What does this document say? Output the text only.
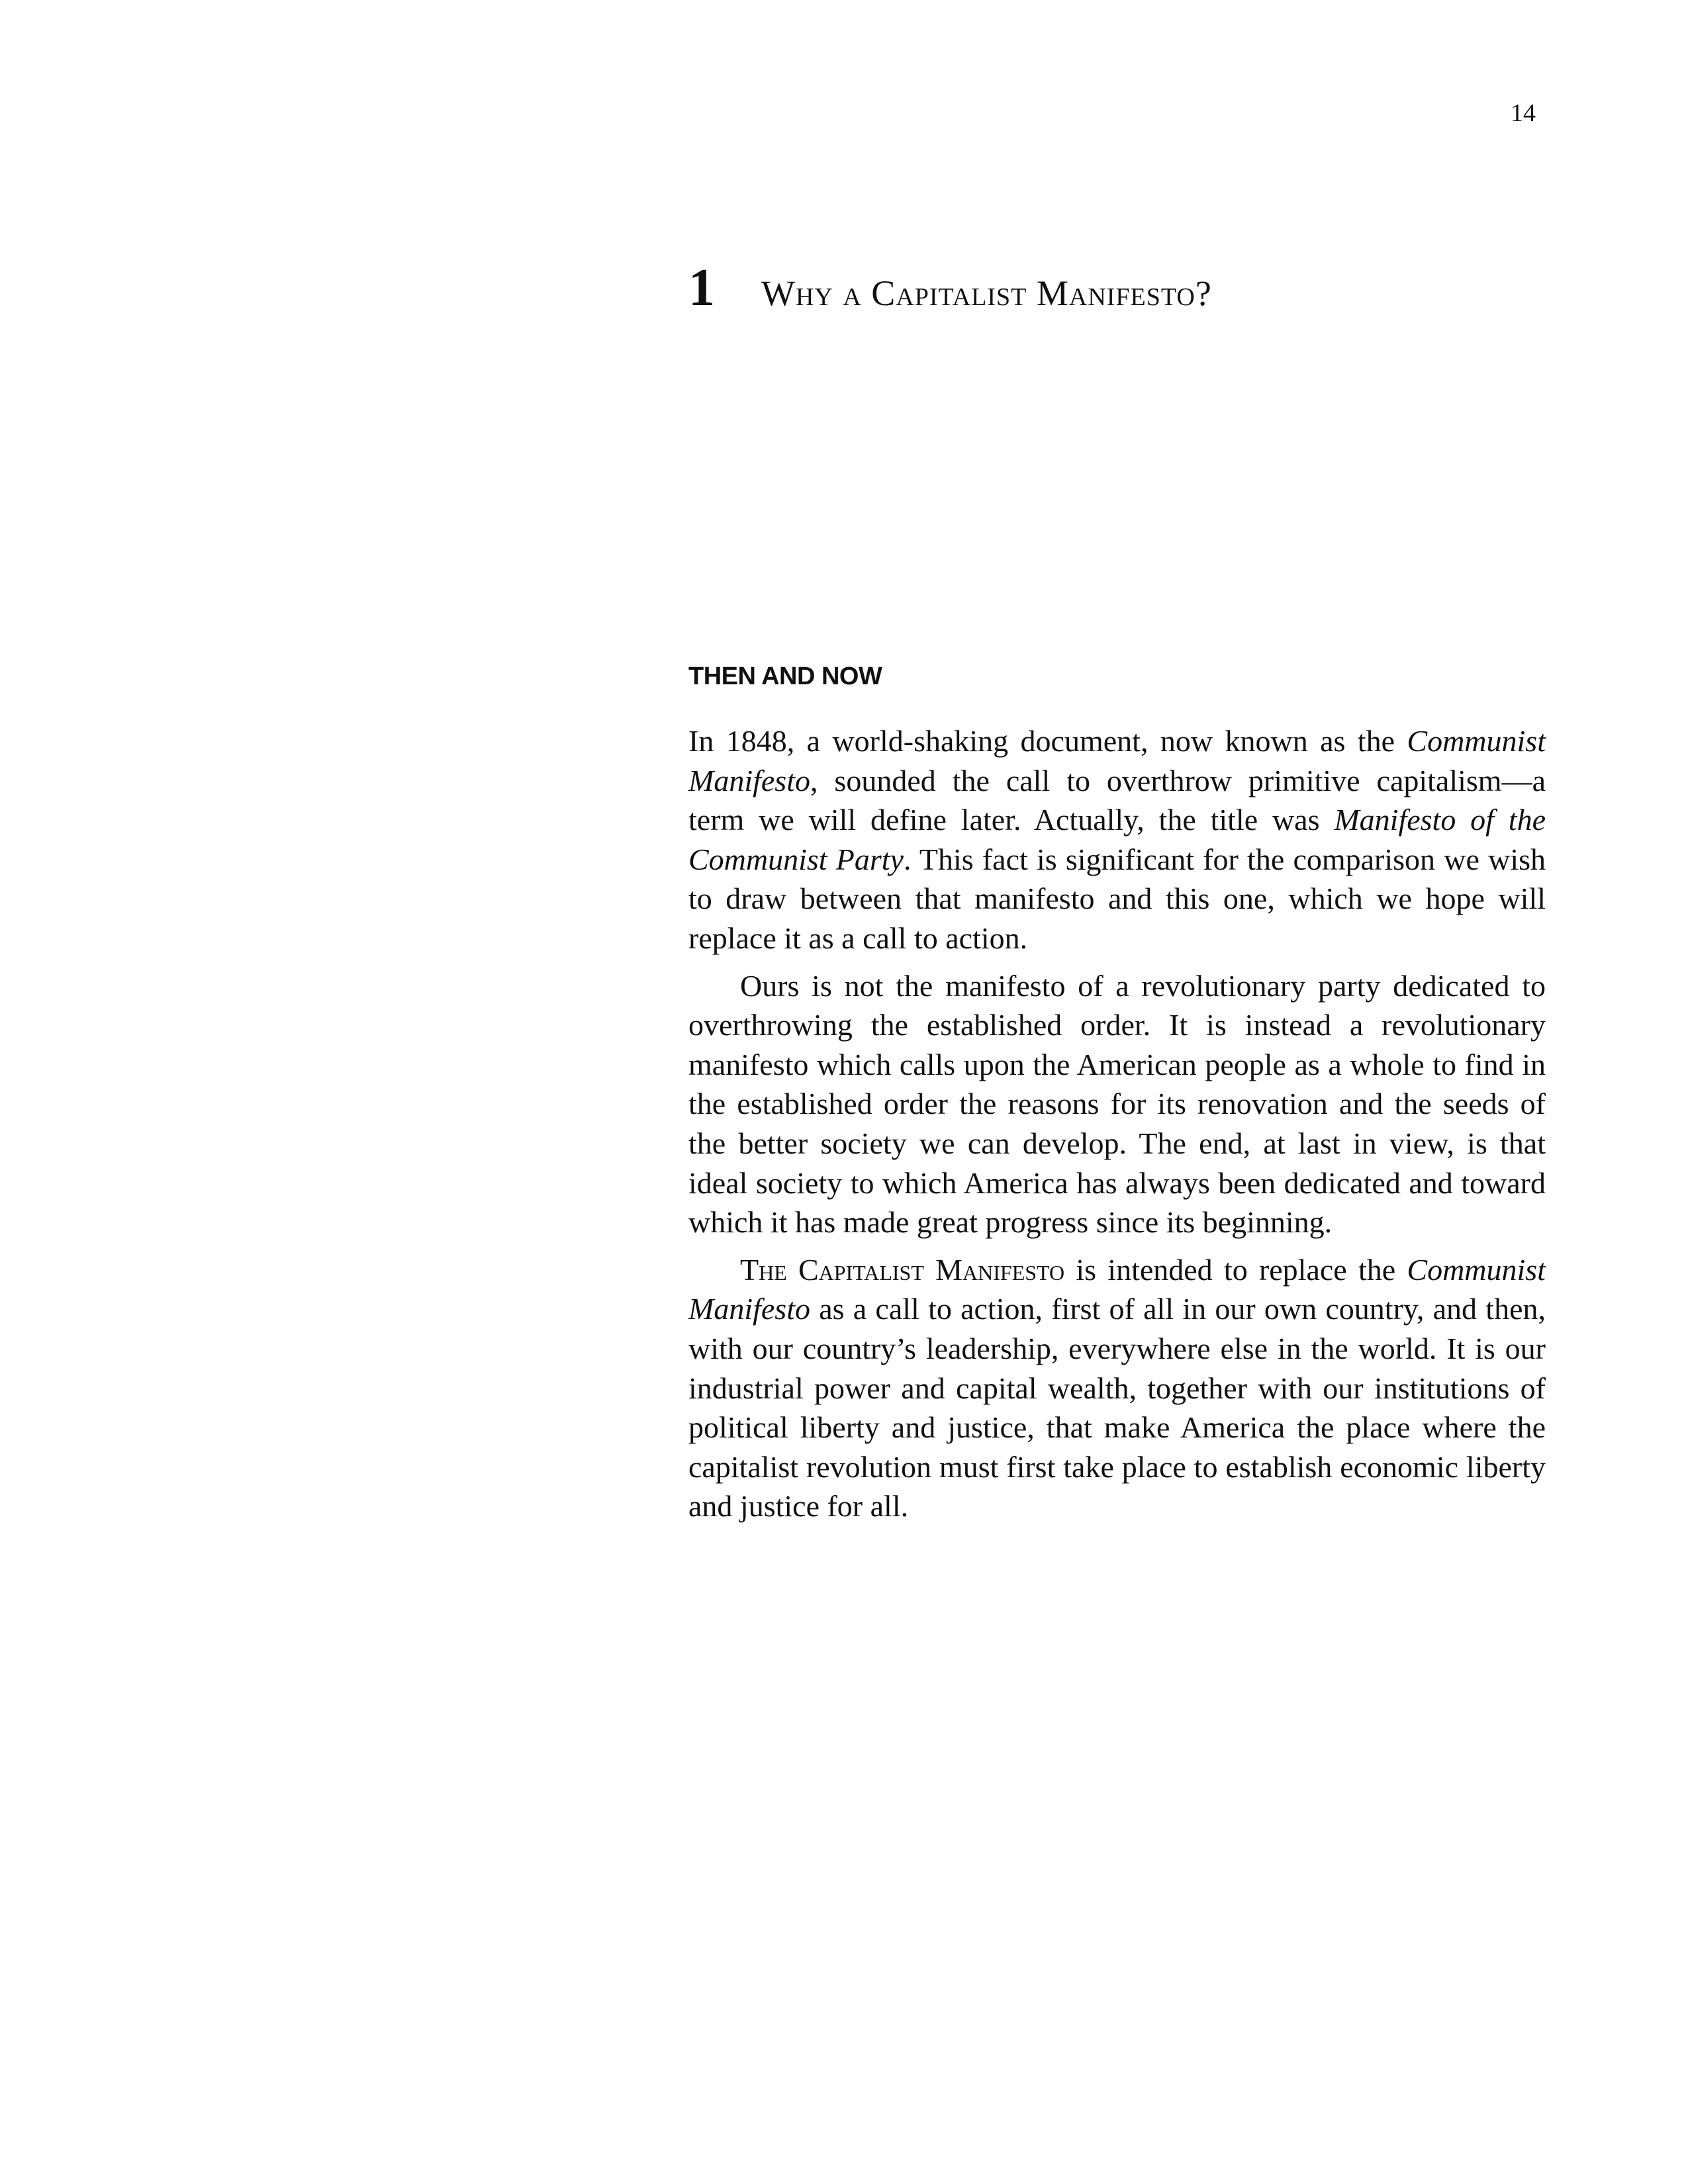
14
1 Why a Capitalist Manifesto?
THEN AND NOW

In 1848, a world-shaking document, now known as the Communist Manifesto, sounded the call to overthrow primitive capitalism—a term we will define later. Actually, the title was Manifesto of the Communist Party. This fact is significant for the comparison we wish to draw between that manifesto and this one, which we hope will replace it as a call to action.

Ours is not the manifesto of a revolutionary party dedicated to overthrowing the established order. It is instead a revolutionary manifesto which calls upon the American people as a whole to find in the established order the reasons for its renovation and the seeds of the better society we can develop. The end, at last in view, is that ideal society to which America has always been dedicated and toward which it has made great progress since its beginning.

The Capitalist Manifesto is intended to replace the Communist Manifesto as a call to action, first of all in our own country, and then, with our country’s leadership, everywhere else in the world. It is our industrial power and capital wealth, together with our institutions of political liberty and justice, that make America the place where the capitalist revolution must first take place to establish economic liberty and justice for all.
